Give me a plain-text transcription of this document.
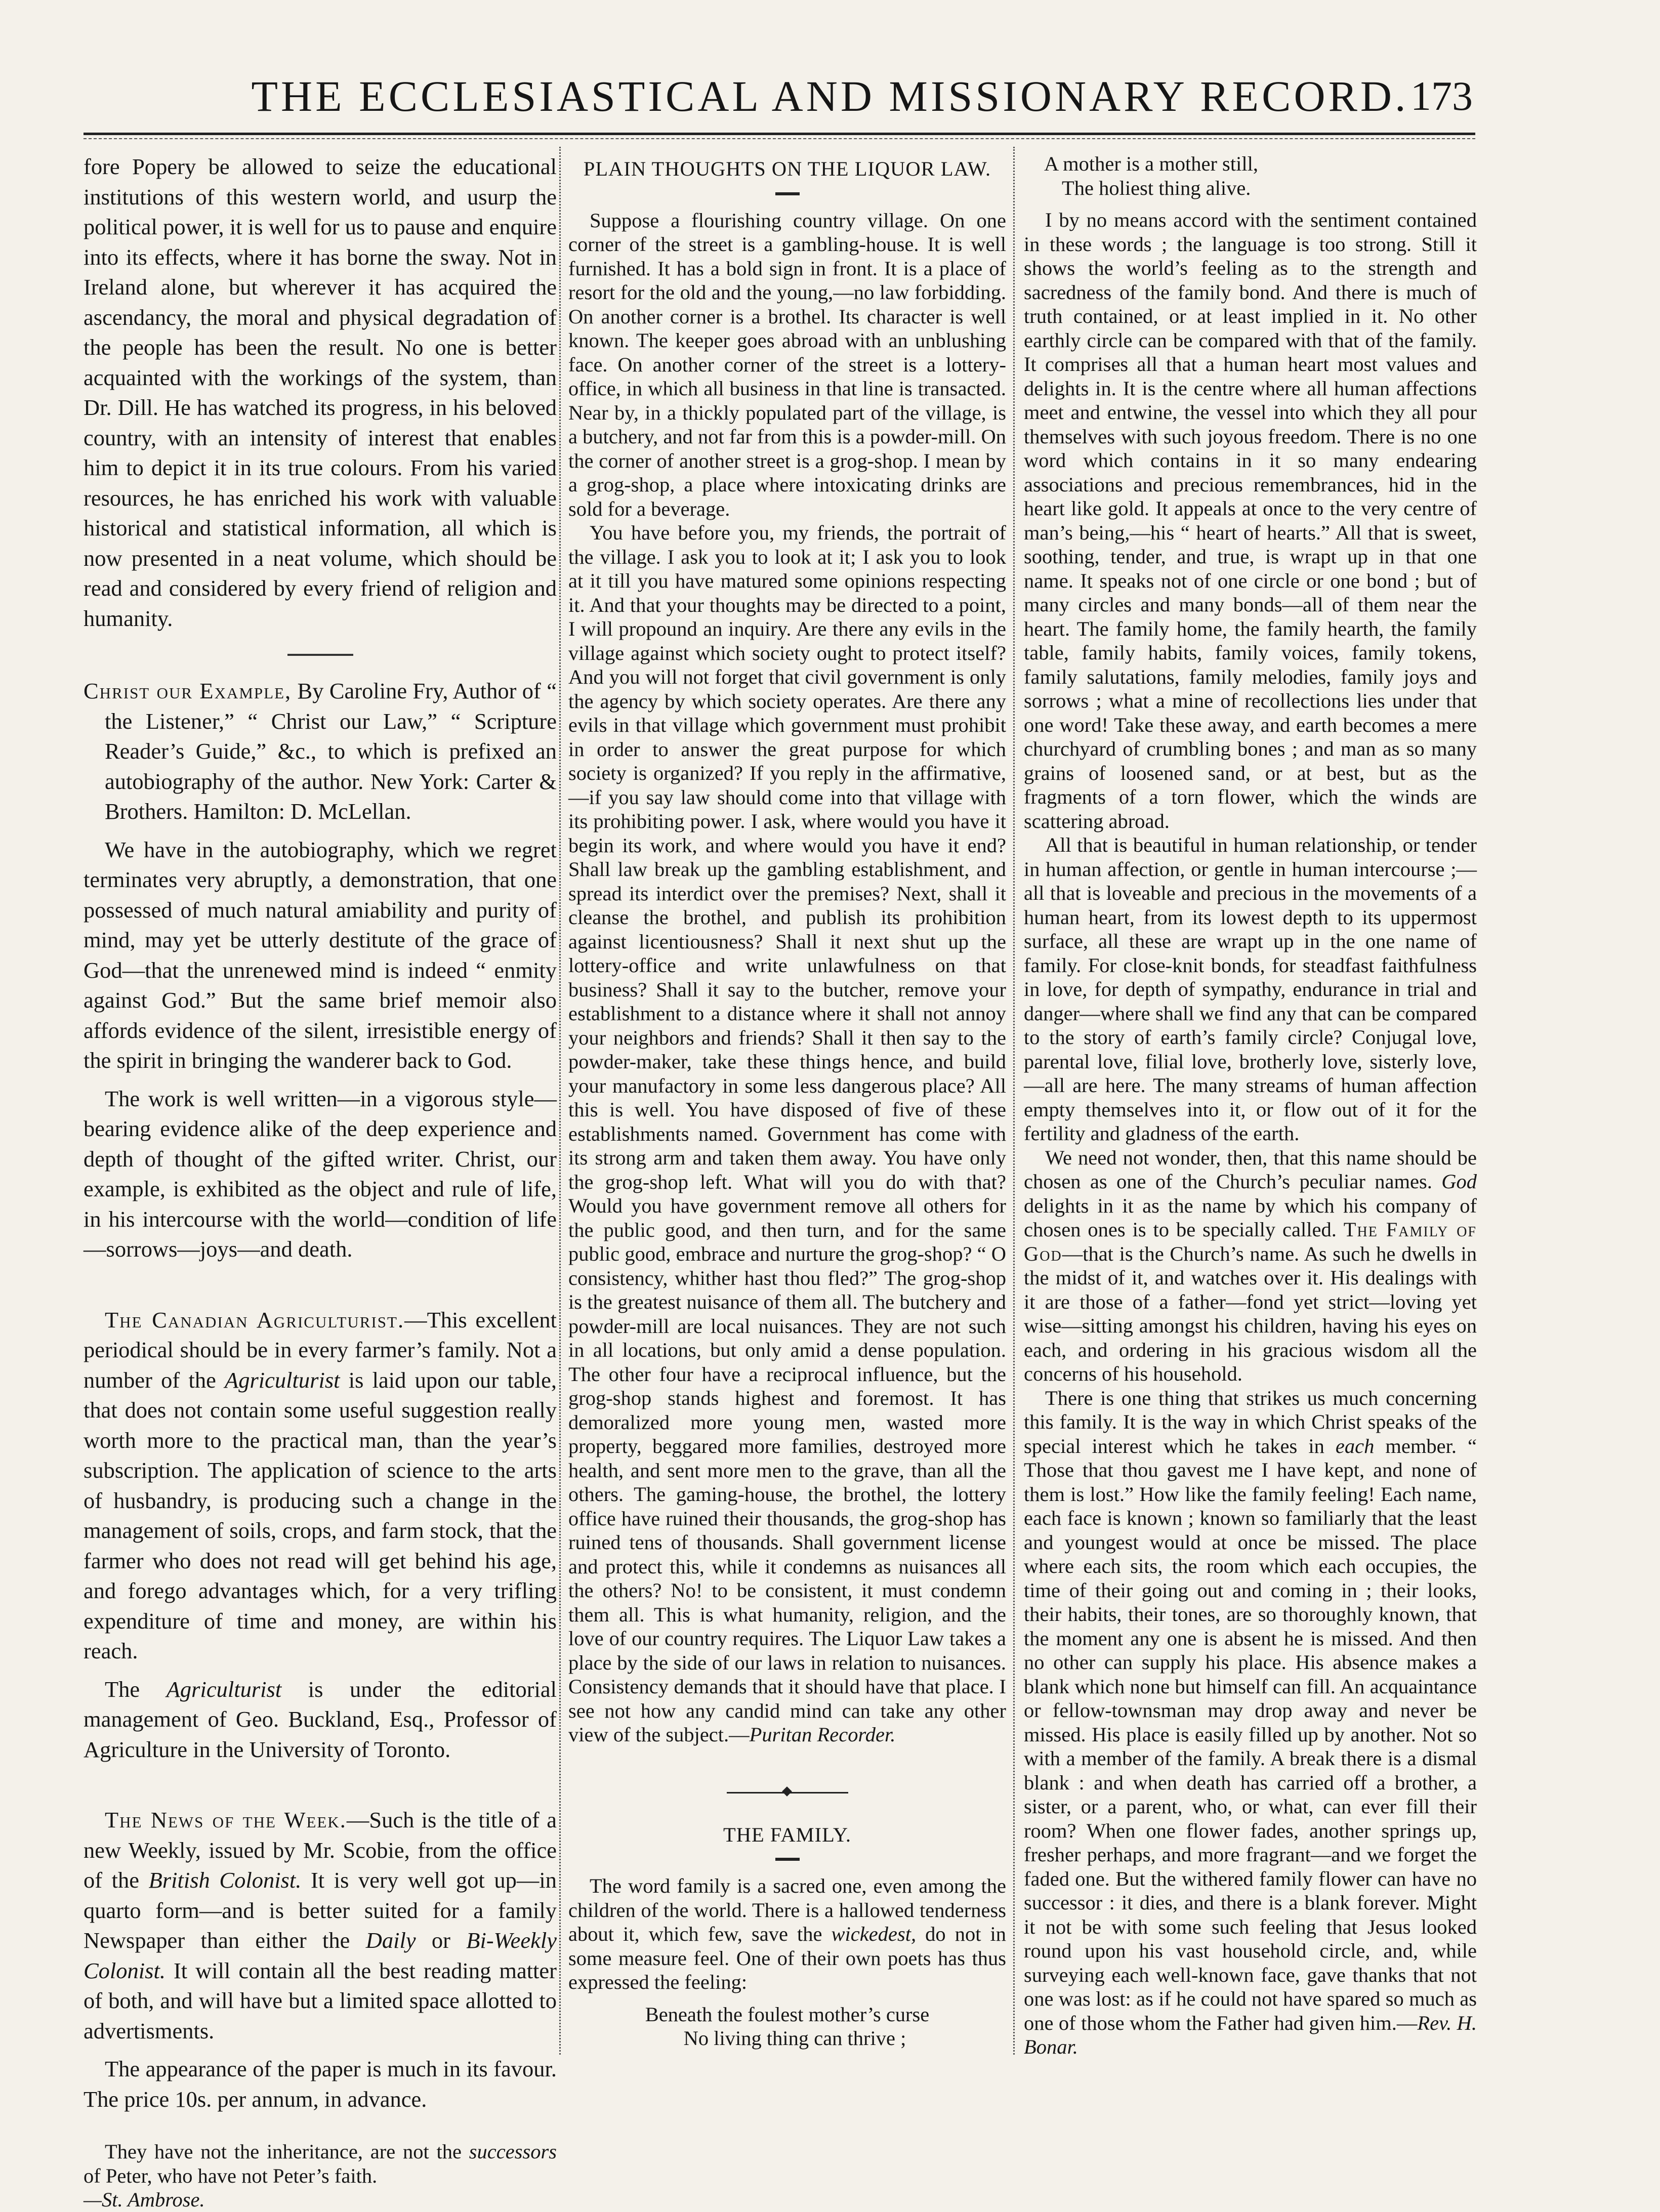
THE ECCLESIASTICAL AND MISSIONARY RECORD. 173

fore Popery be allowed to seize the educational institutions of this western world, and usurp the political power, it is well for us to pause and enquire into its effects, where it has borne the sway. Not in Ireland alone, but wherever it has acquired the ascendancy, the moral and physical degradation of the people has been the result. No one is better acquainted with the workings of the system, than Dr. Dill. He has watched its progress, in his beloved country, with an intensity of interest that enables him to depict it in its true colours. From his varied resources, he has enriched his work with valuable historical and statistical information, all which is now presented in a neat volume, which should be read and considered by every friend of religion and humanity.

Christ our Example, By Caroline Fry, Author of “ the Listener,” “ Christ our Law,” “ Scripture Reader’s Guide,” &c., to which is prefixed an autobiography of the author. New York: Carter & Brothers. Hamilton: D. McLellan.

We have in the autobiography, which we regret terminates very abruptly, a demonstration, that one possessed of much natural amiability and purity of mind, may yet be utterly destitute of the grace of God—that the unrenewed mind is indeed “ enmity against God.” But the same brief memoir also affords evidence of the silent, irresistible energy of the spirit in bringing the wanderer back to God.

The work is well written—in a vigorous style—bearing evidence alike of the deep experience and depth of thought of the gifted writer. Christ, our example, is exhibited as the object and rule of life, in his intercourse with the world—condition of life—sorrows—joys—and death.

The Canadian Agriculturist.—This excellent periodical should be in every farmer’s family. Not a number of the Agriculturist is laid upon our table, that does not contain some useful suggestion really worth more to the practical man, than the year’s subscription. The application of science to the arts of husbandry, is producing such a change in the management of soils, crops, and farm stock, that the farmer who does not read will get behind his age, and forego advantages which, for a very trifling expenditure of time and money, are within his reach.

The Agriculturist is under the editorial management of Geo. Buckland, Esq., Professor of Agriculture in the University of Toronto.

The News of the Week.—Such is the title of a new Weekly, issued by Mr. Scobie, from the office of the British Colonist. It is very well got up—in quarto form—and is better suited for a family Newspaper than either the Daily or Bi-Weekly Colonist. It will contain all the best reading matter of both, and will have but a limited space allotted to advertisments.

The appearance of the paper is much in its favour. The price 10s. per annum, in advance.

They have not the inheritance, are not the successors of Peter, who have not Peter’s faith.

—St. Ambrose.

PLAIN THOUGHTS ON THE LIQUOR LAW.

Suppose a flourishing country village. On one corner of the street is a gambling-house. It is well furnished. It has a bold sign in front. It is a place of resort for the old and the young,—no law forbidding. On another corner is a brothel. Its character is well known. The keeper goes abroad with an unblushing face. On another corner of the street is a lottery-office, in which all business in that line is transacted. Near by, in a thickly populated part of the village, is a butchery, and not far from this is a powder-mill. On the corner of another street is a grog-shop. I mean by a grog-shop, a place where intoxicating drinks are sold for a beverage.

You have before you, my friends, the portrait of the village. I ask you to look at it; I ask you to look at it till you have matured some opinions respecting it. And that your thoughts may be directed to a point, I will propound an inquiry. Are there any evils in the village against which society ought to protect itself? And you will not forget that civil government is only the agency by which society operates. Are there any evils in that village which government must prohibit in order to answer the great purpose for which society is organized? If you reply in the affirmative,—if you say law should come into that village with its prohibiting power. I ask, where would you have it begin its work, and where would you have it end? Shall law break up the gambling establishment, and spread its interdict over the premises? Next, shall it cleanse the brothel, and publish its prohibition against licentiousness? Shall it next shut up the lottery-office and write unlawfulness on that business? Shall it say to the butcher, remove your establishment to a distance where it shall not annoy your neighbors and friends? Shall it then say to the powder-maker, take these things hence, and build your manufactory in some less dangerous place? All this is well. You have disposed of five of these establishments named. Government has come with its strong arm and taken them away. You have only the grog-shop left. What will you do with that? Would you have government remove all others for the public good, and then turn, and for the same public good, embrace and nurture the grog-shop? “ O consistency, whither hast thou fled?” The grog-shop is the greatest nuisance of them all. The butchery and powder-mill are local nuisances. They are not such in all locations, but only amid a dense population. The other four have a reciprocal influence, but the grog-shop stands highest and foremost. It has demoralized more young men, wasted more property, beggared more families, destroyed more health, and sent more men to the grave, than all the others. The gaming-house, the brothel, the lottery office have ruined their thousands, the grog-shop has ruined tens of thousands. Shall government license and protect this, while it condemns as nuisances all the others? No! to be consistent, it must condemn them all. This is what humanity, religion, and the love of our country requires. The Liquor Law takes a place by the side of our laws in relation to nuisances. Consistency demands that it should have that place. I see not how any candid mind can take any other view of the subject.—Puritan Recorder.

THE FAMILY.

The word family is a sacred one, even among the children of the world. There is a hallowed tenderness about it, which few, save the wickedest, do not in some measure feel. One of their own poets has thus expressed the feeling:

Beneath the foulest mother’s curse

No living thing can thrive ;

A mother is a mother still,

The holiest thing alive.

I by no means accord with the sentiment contained in these words ; the language is too strong. Still it shows the world’s feeling as to the strength and sacredness of the family bond. And there is much of truth contained, or at least implied in it. No other earthly circle can be compared with that of the family. It comprises all that a human heart most values and delights in. It is the centre where all human affections meet and entwine, the vessel into which they all pour themselves with such joyous freedom. There is no one word which contains in it so many endearing associations and precious remembrances, hid in the heart like gold. It appeals at once to the very centre of man’s being,—his “ heart of hearts.” All that is sweet, soothing, tender, and true, is wrapt up in that one name. It speaks not of one circle or one bond ; but of many circles and many bonds—all of them near the heart. The family home, the family hearth, the family table, family habits, family voices, family tokens, family salutations, family melodies, family joys and sorrows ; what a mine of recollections lies under that one word! Take these away, and earth becomes a mere churchyard of crumbling bones ; and man as so many grains of loosened sand, or at best, but as the fragments of a torn flower, which the winds are scattering abroad.

All that is beautiful in human relationship, or tender in human affection, or gentle in human intercourse ;—all that is loveable and precious in the movements of a human heart, from its lowest depth to its uppermost surface, all these are wrapt up in the one name of family. For close-knit bonds, for steadfast faithfulness in love, for depth of sympathy, endurance in trial and danger—where shall we find any that can be compared to the story of earth’s family circle? Conjugal love, parental love, filial love, brotherly love, sisterly love,—all are here. The many streams of human affection empty themselves into it, or flow out of it for the fertility and gladness of the earth.

We need not wonder, then, that this name should be chosen as one of the Church’s peculiar names. God delights in it as the name by which his company of chosen ones is to be specially called. The Family of God—that is the Church’s name. As such he dwells in the midst of it, and watches over it. His dealings with it are those of a father—fond yet strict—loving yet wise—sitting amongst his children, having his eyes on each, and ordering in his gracious wisdom all the concerns of his household.

There is one thing that strikes us much concerning this family. It is the way in which Christ speaks of the special interest which he takes in each member. “ Those that thou gavest me I have kept, and none of them is lost.” How like the family feeling! Each name, each face is known ; known so familiarly that the least and youngest would at once be missed. The place where each sits, the room which each occupies, the time of their going out and coming in ; their looks, their habits, their tones, are so thoroughly known, that the moment any one is absent he is missed. And then no other can supply his place. His absence makes a blank which none but himself can fill. An acquaintance or fellow-townsman may drop away and never be missed. His place is easily filled up by another. Not so with a member of the family. A break there is a dismal blank : and when death has carried off a brother, a sister, or a parent, who, or what, can ever fill their room? When one flower fades, another springs up, fresher perhaps, and more fragrant—and we forget the faded one. But the withered family flower can have no successor : it dies, and there is a blank forever. Might it not be with some such feeling that Jesus looked round upon his vast household circle, and, while surveying each well-known face, gave thanks that not one was lost: as if he could not have spared so much as one of those whom the Father had given him.—Rev. H. Bonar.
